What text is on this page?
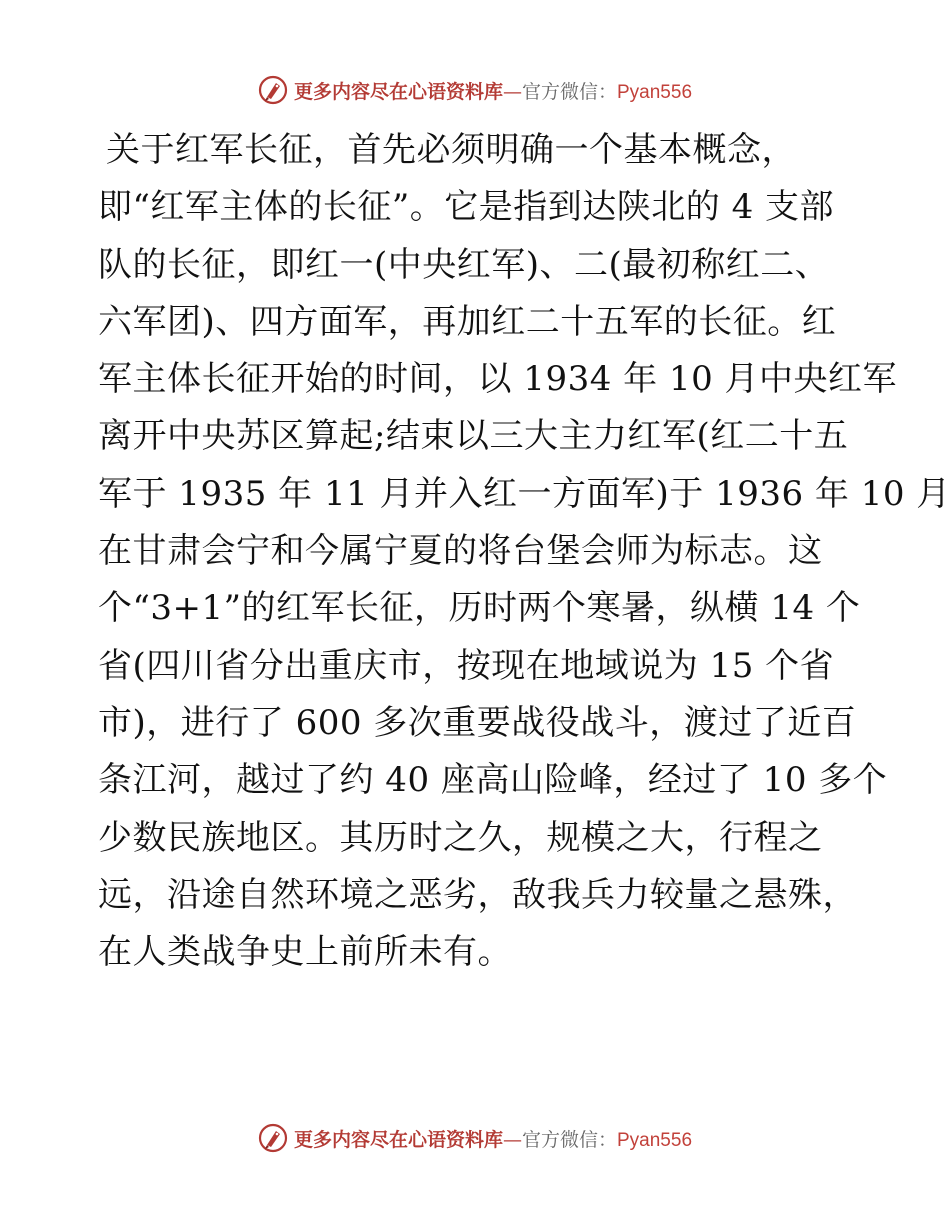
更多内容尽在心语资料库—官方微信：Pyan556
关于红军长征，首先必须明确一个基本概念，
即“红军主体的长征”。它是指到达陕北的 4 支部
队的长征，即红一(中央红军)、二(最初称红二、
六军团)、四方面军，再加红二十五军的长征。红
军主体长征开始的时间，以 1934 年 10 月中央红军
离开中央苏区算起;结束以三大主力红军(红二十五
军于 1935 年 11 月并入红一方面军)于 1936 年 10 月
在甘肃会宁和今属宁夏的将台堡会师为标志。这
个“3+1”的红军长征，历时两个寒暑，纵横 14 个
省(四川省分出重庆市，按现在地域说为 15 个省
市)，进行了 600 多次重要战役战斗，渡过了近百
条江河，越过了约 40 座高山险峰，经过了 10 多个
少数民族地区。其历时之久，规模之大，行程之
远，沿途自然环境之恶劣，敌我兵力较量之悬殊，
在人类战争史上前所未有。
更多内容尽在心语资料库—官方微信：Pyan556
